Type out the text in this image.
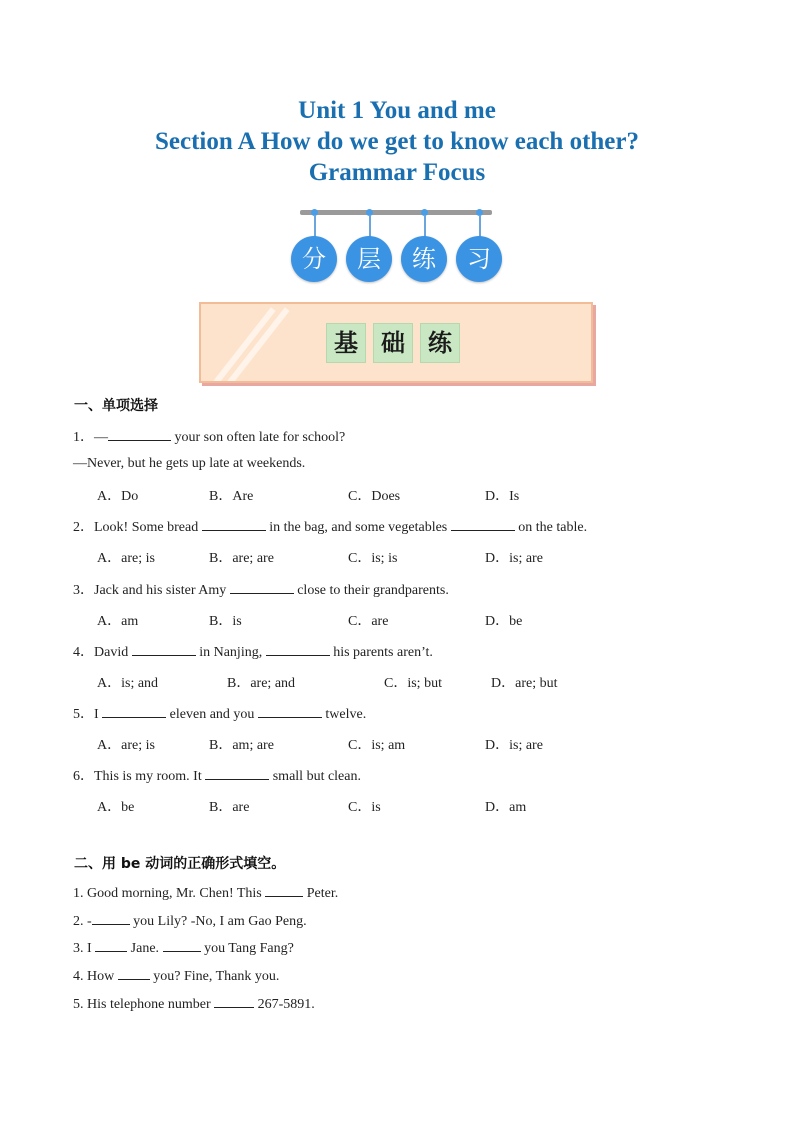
Unit 1 You and me
Section A How do we get to know each other?
Grammar Focus
分	层	练	习
基 础 练
一、单项选择
1．—	your son often late for school?
—Never, but he gets up late at weekends.
A．Do	B．Are	C．Does	D．Is
2．Look! Some bread	in the bag, and some vegetables	on the table.
A．are; is	B．are; are	C．is; is	D．is; are
3．Jack and his sister Amy	close to their grandparents.
A．am	B．is	C．are	D．be
4．David	in Nanjing,	his parents aren’t.
A．is; and	B．are; and	C．is; but	D．are; but
5．I	eleven and you	twelve.
A．are; is	B．am; are	C．is; am	D．is; are
6．This is my room. It	small but clean.
A．be	B．are	C．is	D．am
二、用 be 动词的正确形式填空。
1. Good morning, Mr. Chen! This	Peter.
2. -	you Lily? -No, I am Gao Peng.
3. I  Jane.	you Tang Fang?
4. How  you? Fine, Thank you.
5. His telephone number	267-5891.
